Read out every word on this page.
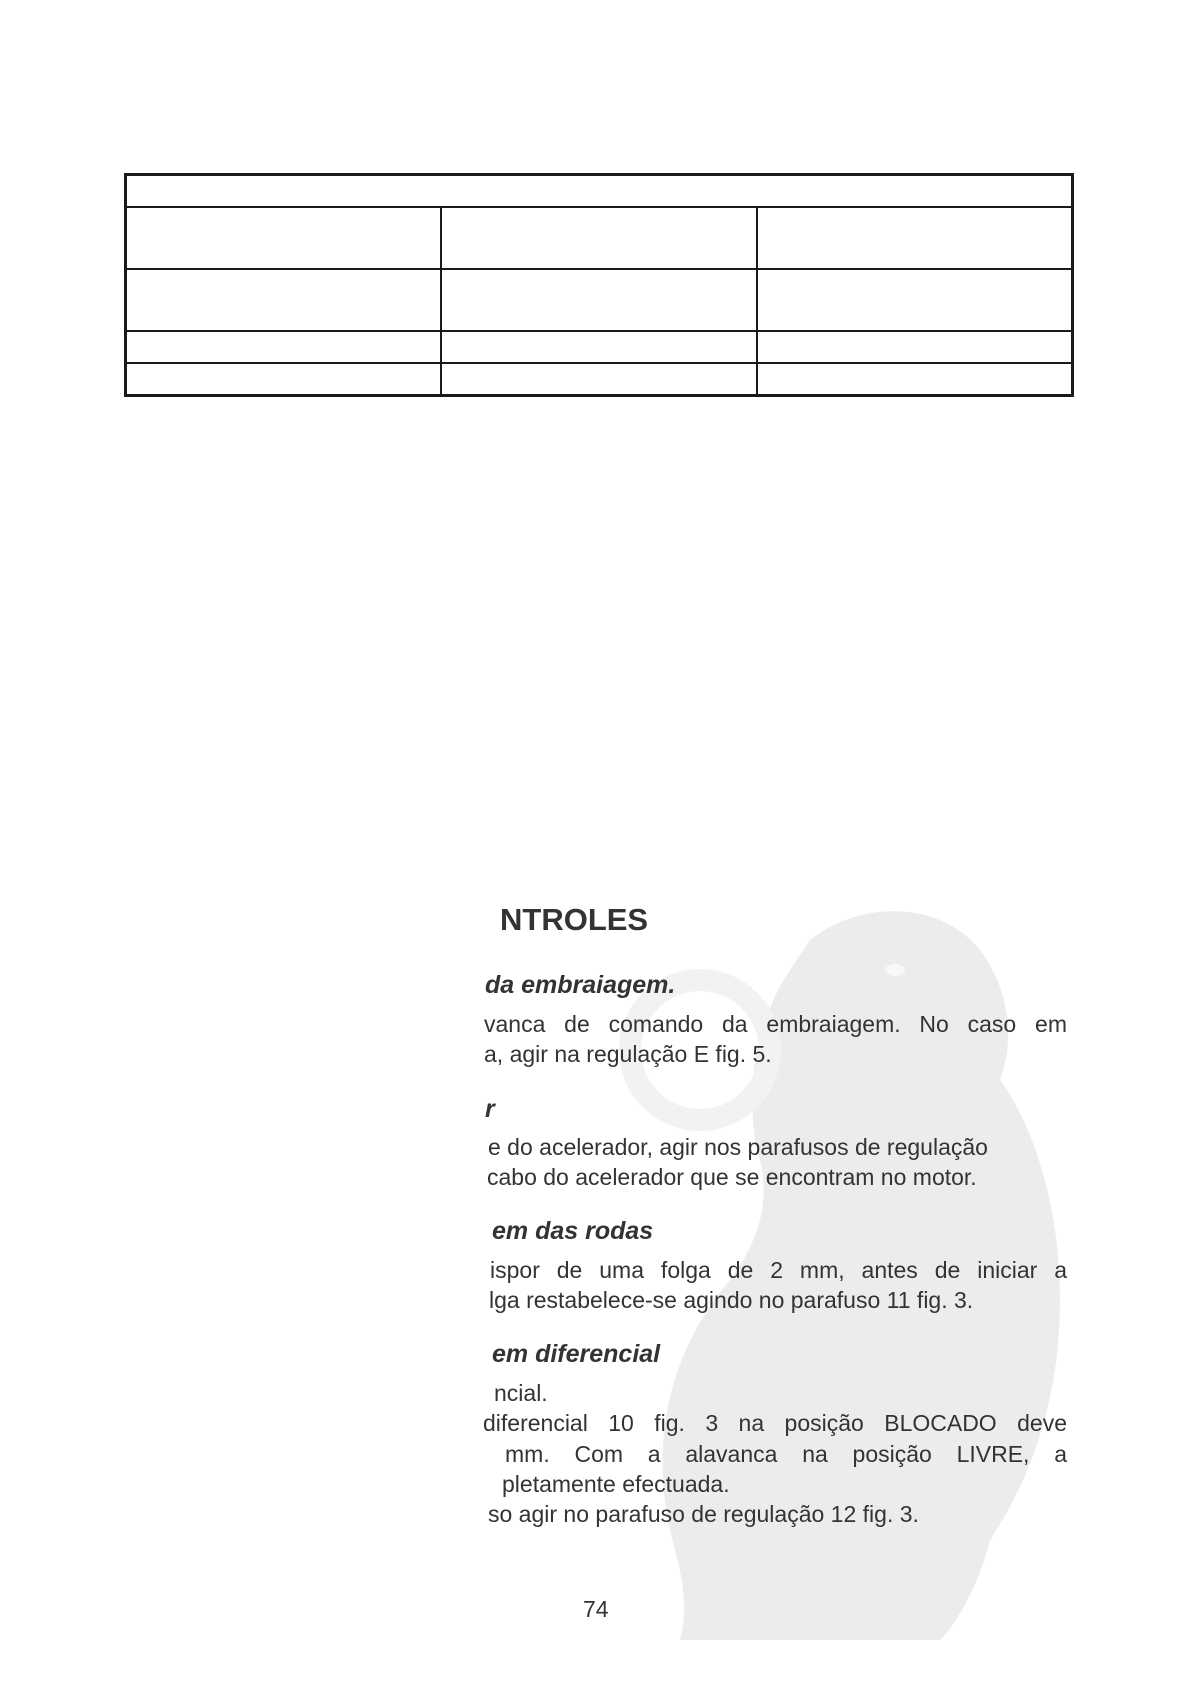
NTROLES
da embraiagem.
vanca de comando da embraiagem. No caso em
a, agir na regulação E fig. 5.
r
e do acelerador, agir nos parafusos de regulação
cabo do acelerador que se encontram no motor.
em das rodas
ispor de uma folga de 2 mm, antes de iniciar a
lga restabelece-se agindo no parafuso 11 fig. 3.
em diferencial
ncial.
diferencial 10 fig. 3 na posição BLOCADO deve
mm. Com a alavanca na posição LIVRE, a
pletamente efectuada.
so agir no parafuso de regulação 12 fig. 3.
74
